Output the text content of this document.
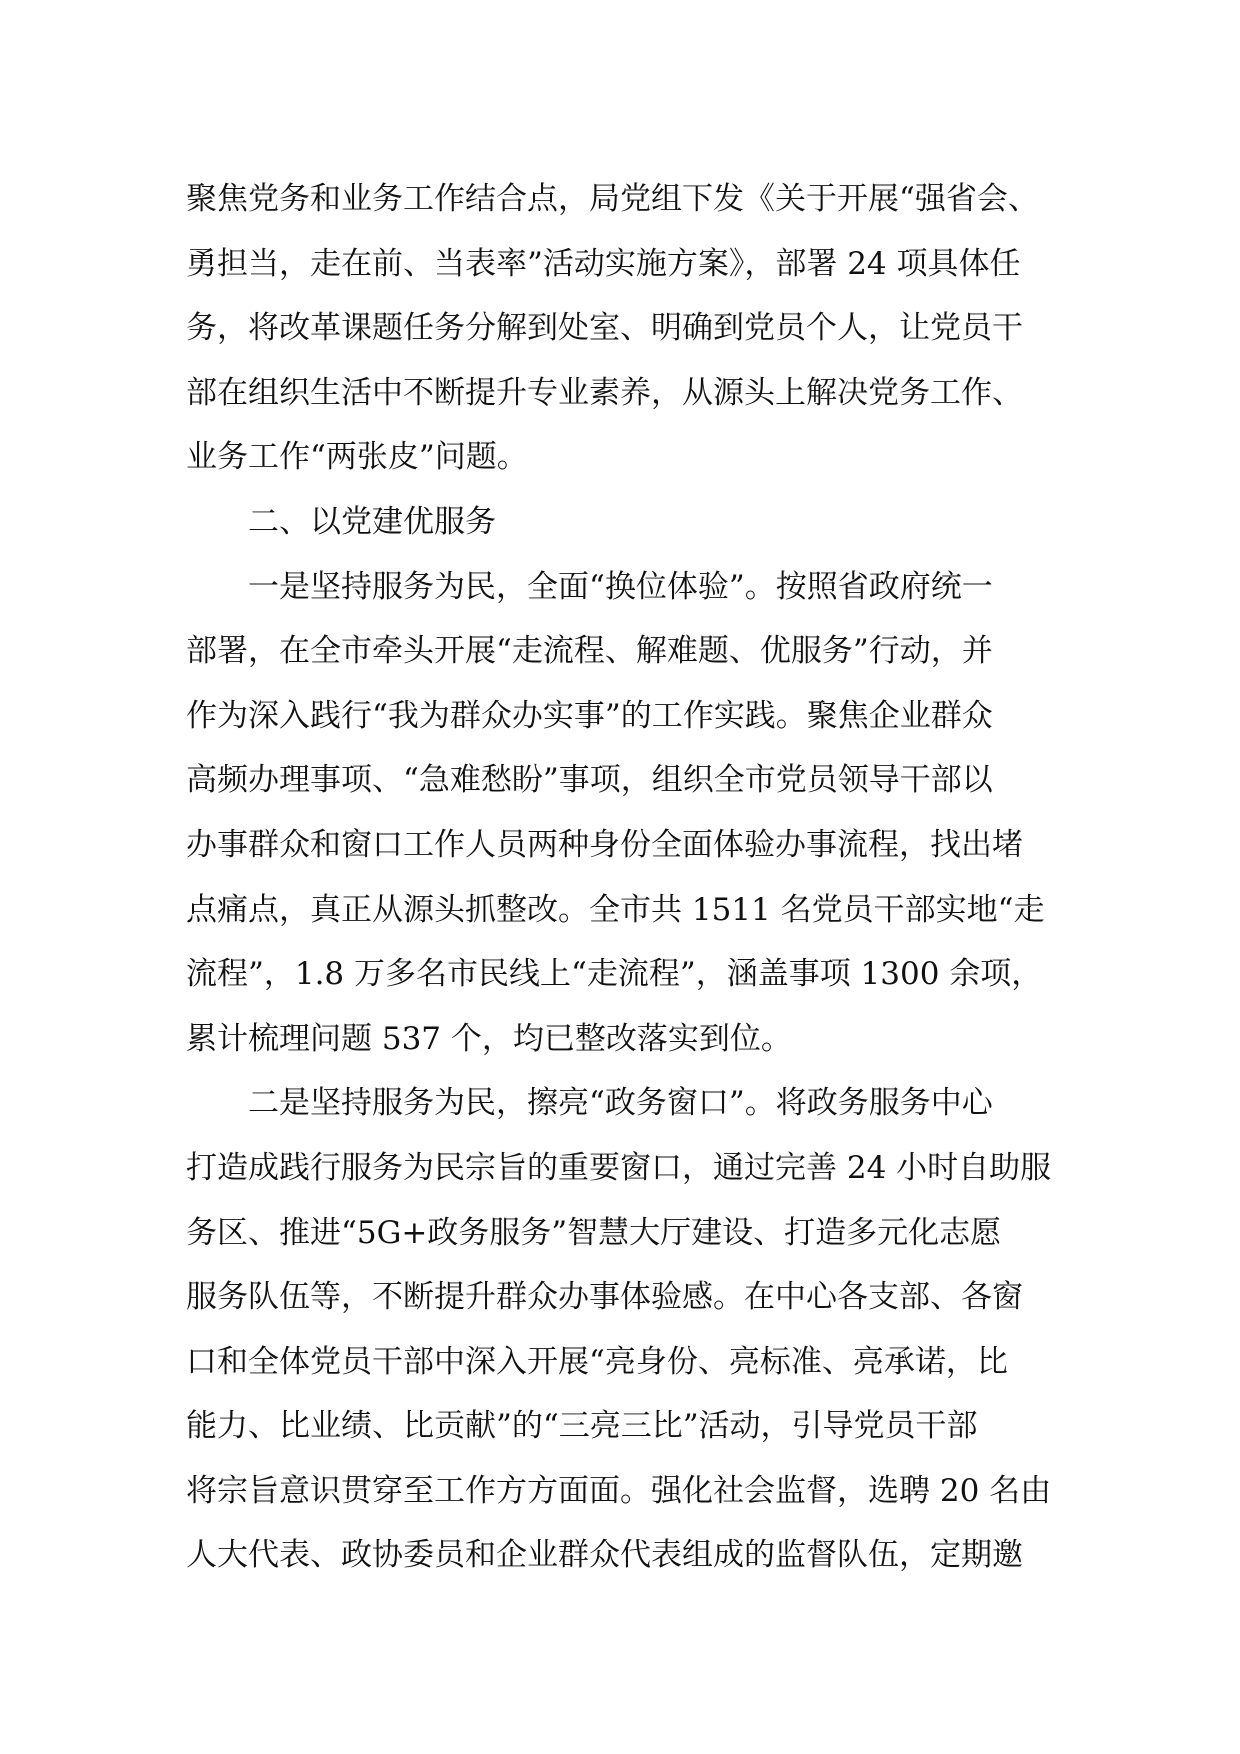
聚焦党务和业务工作结合点，局党组下发《关于开展“强省会、
勇担当，走在前、当表率”活动实施方案》，部署 24 项具体任
务，将改革课题任务分解到处室、明确到党员个人，让党员干
部在组织生活中不断提升专业素养，从源头上解决党务工作、
业务工作“两张皮”问题。
二、以党建优服务
一是坚持服务为民，全面“换位体验”。按照省政府统一
部署，在全市牵头开展“走流程、解难题、优服务”行动，并
作为深入践行“我为群众办实事”的工作实践。聚焦企业群众
高频办理事项、“急难愁盼”事项，组织全市党员领导干部以
办事群众和窗口工作人员两种身份全面体验办事流程，找出堵
点痛点，真正从源头抓整改。全市共 1511 名党员干部实地“走
流程”，1.8 万多名市民线上“走流程”，涵盖事项 1300 余项，
累计梳理问题 537 个，均已整改落实到位。
二是坚持服务为民，擦亮“政务窗口”。将政务服务中心
打造成践行服务为民宗旨的重要窗口，通过完善 24 小时自助服
务区、推进“5G+政务服务”智慧大厅建设、打造多元化志愿
服务队伍等，不断提升群众办事体验感。在中心各支部、各窗
口和全体党员干部中深入开展“亮身份、亮标准、亮承诺，比
能力、比业绩、比贡献”的“三亮三比”活动，引导党员干部
将宗旨意识贯穿至工作方方面面。强化社会监督，选聘 20 名由
人大代表、政协委员和企业群众代表组成的监督队伍，定期邀
